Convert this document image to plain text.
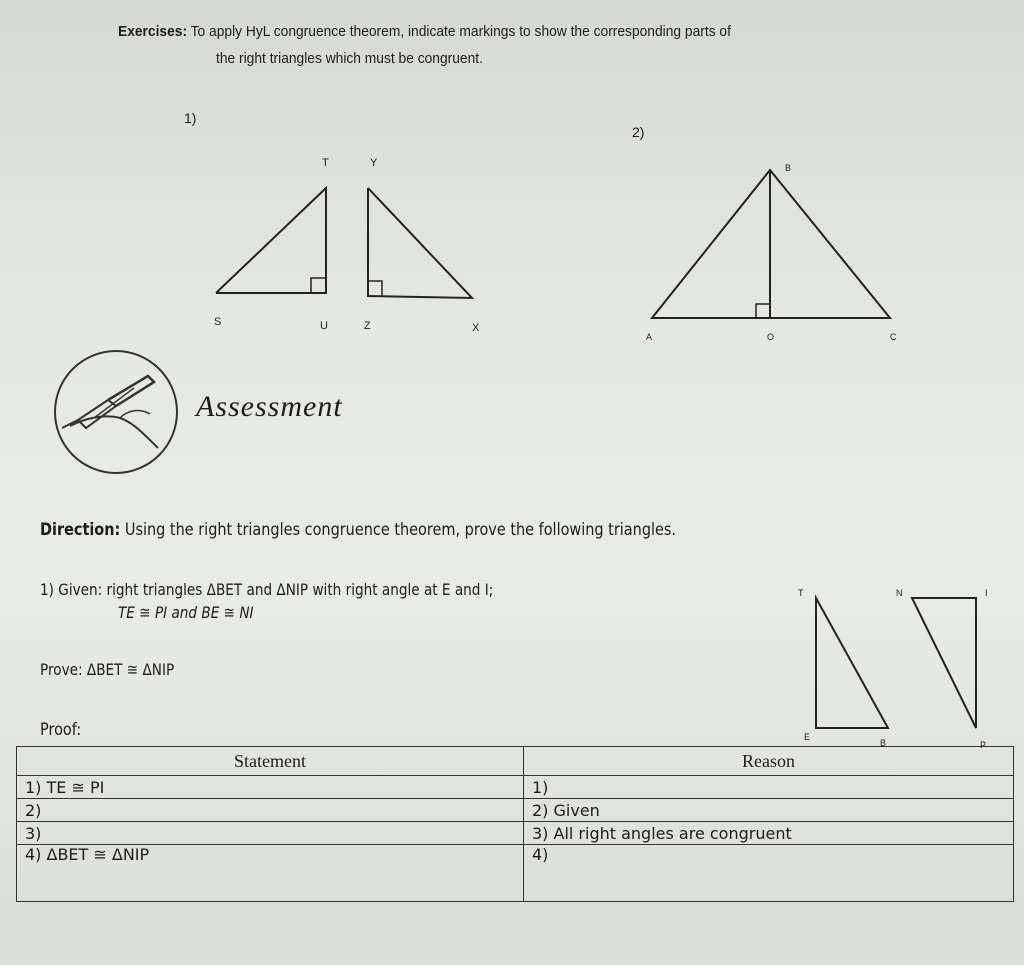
Exercises: To apply HyL congruence theorem, indicate markings to show the corresponding parts of
the right triangles which must be congruent.
1)
T	Y
S	U	Z	X
2)
B
A	O	C
Assessment
Direction: Using the right triangles congruence theorem, prove the following triangles.
1) Given: right triangles ΔBET and ΔNIP with right angle at E and I;
TE ≅ PI and BE ≅ NI
Prove: ΔBET ≅ ΔNIP
T	N	I
E
B	P
Proof:
Statement	Reason
1) TE ≅ PI	1)
2)	2) Given
3)	3) All right angles are congruent
4) ΔBET ≅ ΔNIP	4)
